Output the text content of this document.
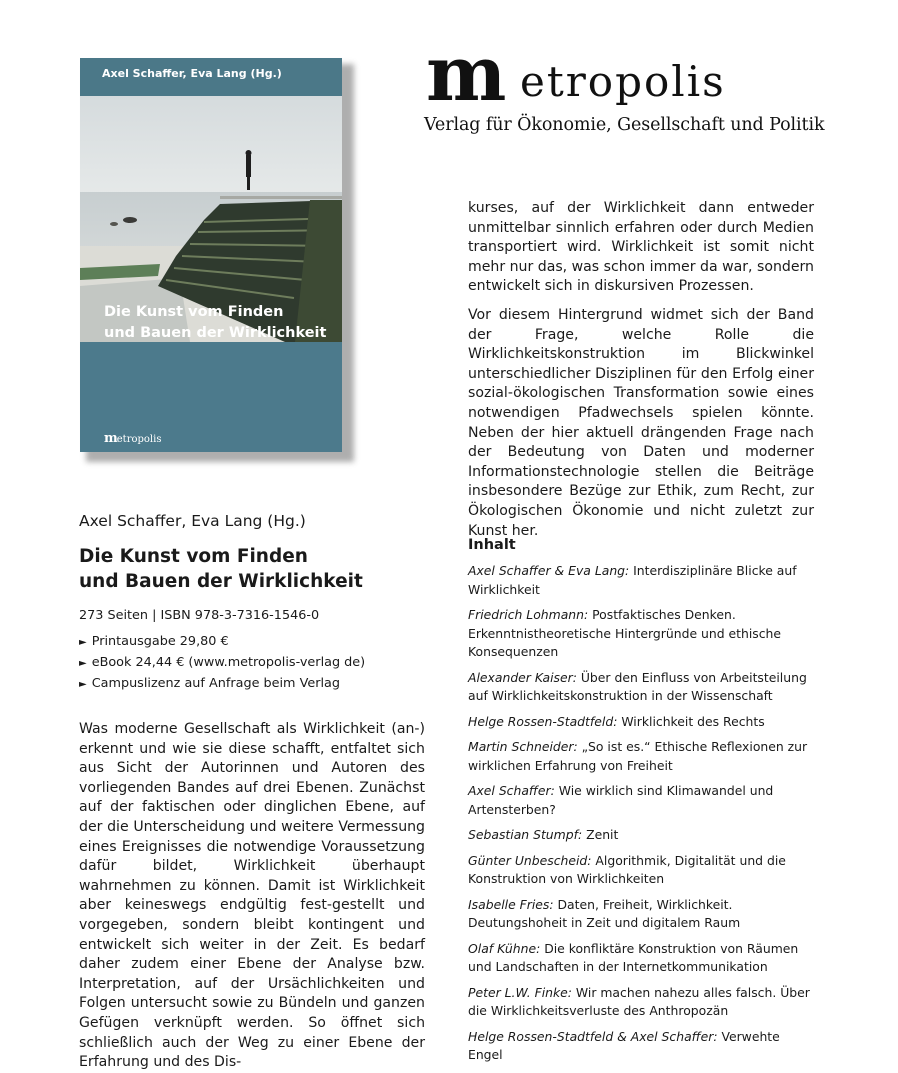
Axel Schaffer, Eva Lang (Hg.)
Die Kunst vom Finden
und Bauen der Wirklichkeit
metropolis
m etropolis
Verlag für Ökonomie, Gesellschaft und Politik

kurses, auf der Wirklichkeit dann entweder unmittelbar sinnlich erfahren oder durch Medien transportiert wird. Wirklichkeit ist somit nicht mehr nur das, was schon immer da war, sondern entwickelt sich in diskursiven Prozessen.

Vor diesem Hintergrund widmet sich der Band der Frage, welche Rolle die Wirklichkeitskonstruktion im Blickwinkel unterschiedlicher Disziplinen für den Erfolg einer sozial-ökologischen Transformation sowie eines notwendigen Pfadwechsels spielen könnte. Neben der hier aktuell drängenden Frage nach der Bedeutung von Daten und moderner Informationstechnologie stellen die Beiträge insbesondere Bezüge zur Ethik, zum Recht, zur Ökologischen Ökonomie und nicht zuletzt zur Kunst her.

Axel Schaffer, Eva Lang (Hg.)
Die Kunst vom Finden
und Bauen der Wirklichkeit
273 Seiten | ISBN 978-3-7316-1546-0
► Printausgabe 29,80 €
► eBook 24,44 € (www.metropolis-verlag de)
► Campuslizenz auf Anfrage beim Verlag

Was moderne Gesellschaft als Wirklichkeit (an-) erkennt und wie sie diese schafft, entfaltet sich aus Sicht der Autorinnen und Autoren des vorliegenden Bandes auf drei Ebenen. Zunächst auf der faktischen oder dinglichen Ebene, auf der die Unterscheidung und weitere Vermessung eines Ereignisses die notwendige Voraussetzung dafür bildet, Wirklichkeit überhaupt wahrnehmen zu können. Damit ist Wirklichkeit aber keineswegs endgültig fest-gestellt und vorgegeben, sondern bleibt kontingent und entwickelt sich weiter in der Zeit. Es bedarf daher zudem einer Ebene der Analyse bzw. Interpretation, auf der Ursächlichkeiten und Folgen untersucht sowie zu Bündeln und ganzen Gefügen verknüpft werden. So öffnet sich schließlich auch der Weg zu einer Ebene der Erfahrung und des Dis-

Inhalt
Axel Schaffer & Eva Lang: Interdisziplinäre Blicke auf Wirklichkeit
Friedrich Lohmann: Postfaktisches Denken. Erkenntnistheoretische Hintergründe und ethische Konsequenzen
Alexander Kaiser: Über den Einfluss von Arbeitsteilung auf Wirklichkeitskonstruktion in der Wissenschaft
Helge Rossen-Stadtfeld: Wirklichkeit des Rechts
Martin Schneider: „So ist es.“ Ethische Reflexionen zur wirklichen Erfahrung von Freiheit
Axel Schaffer: Wie wirklich sind Klimawandel und Artensterben?
Sebastian Stumpf: Zenit
Günter Unbescheid: Algorithmik, Digitalität und die Konstruktion von Wirklichkeiten
Isabelle Fries: Daten, Freiheit, Wirklichkeit. Deutungshoheit in Zeit und digitalem Raum
Olaf Kühne: Die konfliktäre Konstruktion von Räumen und Landschaften in der Internetkommunikation
Peter L.W. Finke: Wir machen nahezu alles falsch. Über die Wirklichkeitsverluste des Anthropozän
Helge Rossen-Stadtfeld & Axel Schaffer: Verwehte Engel
